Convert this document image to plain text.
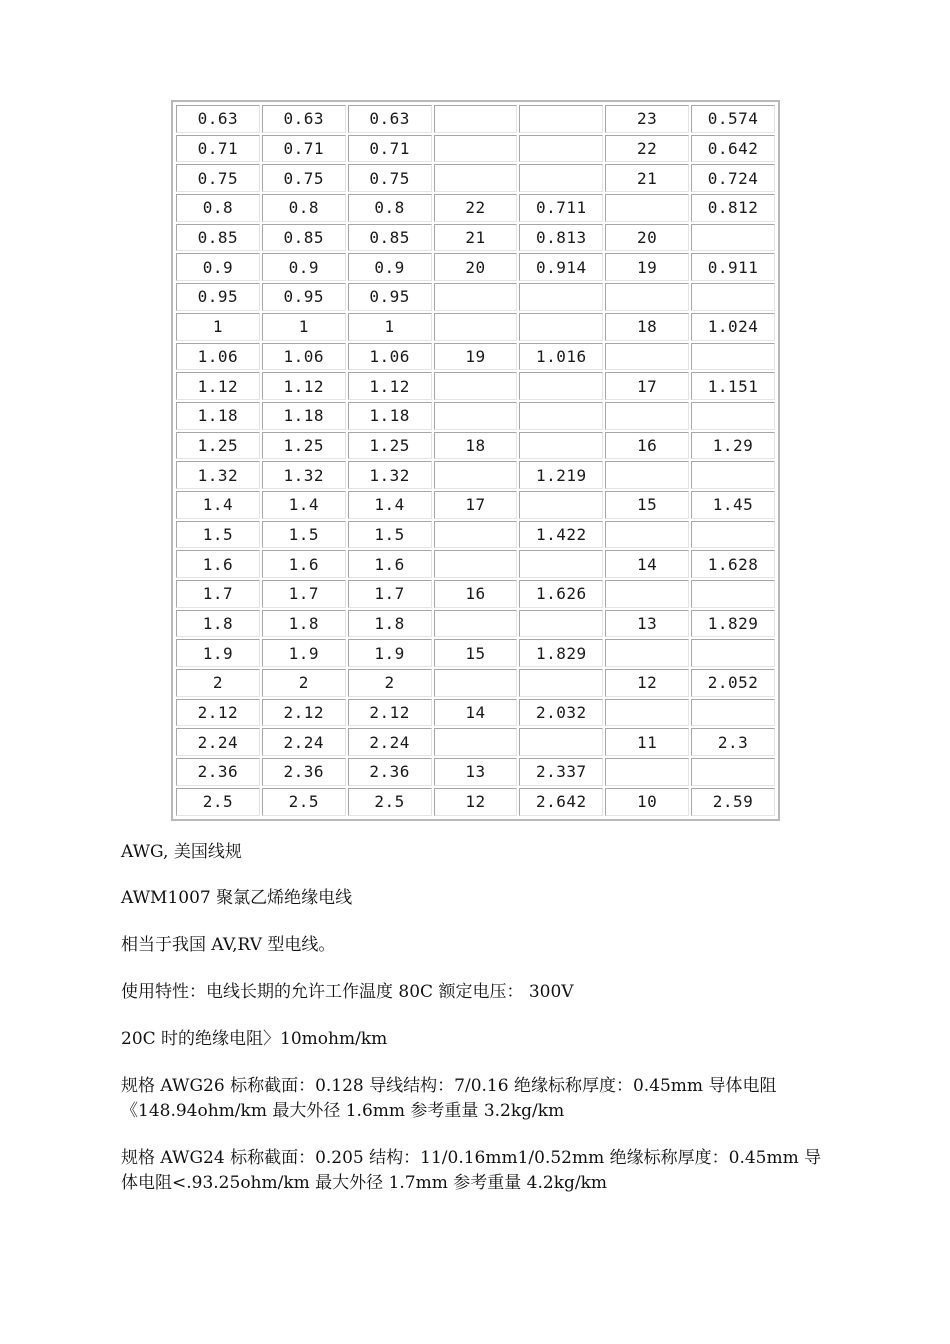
0.63	0.63	0.63			23	0.574
0.71	0.71	0.71			22	0.642
0.75	0.75	0.75			21	0.724
0.8	0.8	0.8	22	0.711		0.812
0.85	0.85	0.85	21	0.813	20	
0.9	0.9	0.9	20	0.914	19	0.911
0.95	0.95	0.95				
1	1	1			18	1.024
1.06	1.06	1.06	19	1.016		
1.12	1.12	1.12			17	1.151
1.18	1.18	1.18				
1.25	1.25	1.25	18		16	1.29
1.32	1.32	1.32		1.219		
1.4	1.4	1.4	17		15	1.45
1.5	1.5	1.5		1.422		
1.6	1.6	1.6			14	1.628
1.7	1.7	1.7	16	1.626		
1.8	1.8	1.8			13	1.829
1.9	1.9	1.9	15	1.829		
2	2	2			12	2.052
2.12	2.12	2.12	14	2.032		
2.24	2.24	2.24			11	2.3
2.36	2.36	2.36	13	2.337		
2.5	2.5	2.5	12	2.642	10	2.59

AWG, 美国线规

AWM1007 聚氯乙烯绝缘电线

相当于我国 AV,RV 型电线。

使用特性：电线长期的允许工作温度 80C 额定电压： 300V

20C 时的绝缘电阻〉10mohm/km

规格 AWG26 标称截面：0.128 导线结构：7/0.16 绝缘标称厚度：0.45mm 导体电阻《148.94ohm/km 最大外径 1.6mm 参考重量 3.2kg/km

规格 AWG24 标称截面：0.205 结构：11/0.16mm1/0.52mm 绝缘标称厚度：0.45mm 导体电阻<.93.25ohm/km 最大外径 1.7mm 参考重量 4.2kg/km
